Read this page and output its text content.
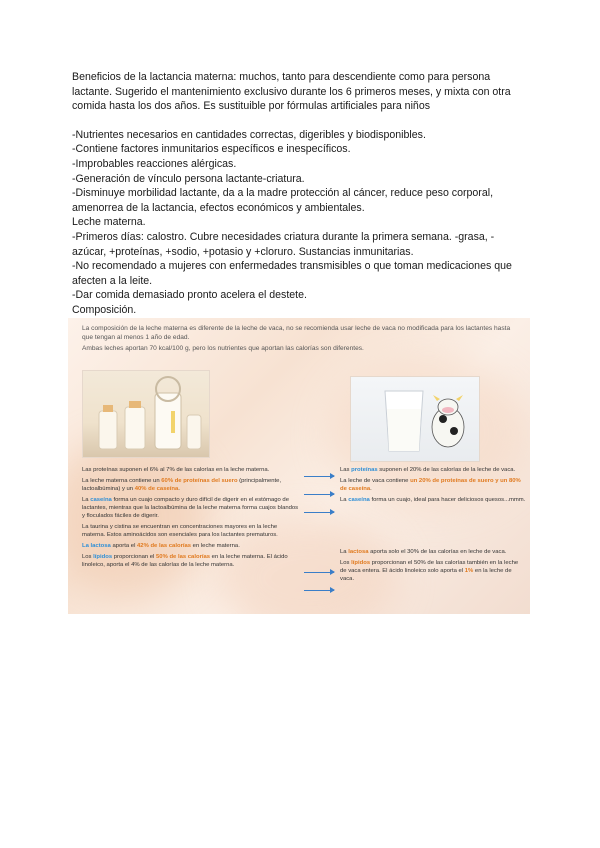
Beneficios de la lactancia materna: muchos, tanto para descendiente como para persona lactante. Sugerido el mantenimiento exclusivo durante los 6 primeros meses, y mixta con otra comida hasta los dos años. Es sustituible por fórmulas artificiales para niños

-Nutrientes necesarios en cantidades correctas, digeribles y biodisponibles.

-Contiene factores inmunitarios específicos e inespecíficos.

-Improbables reacciones alérgicas.

-Generación de vínculo persona lactante-criatura.

-Disminuye morbilidad lactante, da a la madre protección al cáncer, reduce peso corporal, amenorrea de la lactancia, efectos económicos y ambientales.

Leche materna.

-Primeros días: calostro. Cubre necesidades criatura durante la primera semana. -grasa, -azúcar, +proteínas, +sodio, +potasio y +cloruro. Sustancias inmunitarias.

-No recomendado a mujeres con enfermedades transmisibles o que toman medicaciones que afecten a la leite.

-Dar comida demasiado pronto acelera el destete.

Composición.

La composición de la leche materna es diferente de la leche de vaca, no se recomienda usar leche de vaca no modificada para los lactantes hasta que tengan al menos 1 año de edad.

Ambas leches aportan 70 kcal/100 g, pero los nutrientes que aportan las calorías son diferentes.

Las proteínas suponen el 6% al 7% de las calorías en la leche materna.

La leche materna contiene un 60% de proteínas del suero (principalmente, lactoalbúmina) y un 40% de caseína.

La caseína forma un cuajo compacto y duro difícil de digerir en el estómago de lactantes, mientras que la lactoalbúmina de la leche materna forma cuajos blandos y floculados fáciles de digerir.

La taurina y cistina se encuentran en concentraciones mayores en la leche materna. Estos aminoácidos son esenciales para los lactantes prematuros.

La lactosa aporta el 42% de las calorías en leche materna.

Los lípidos proporcionan el 50% de las calorías en la leche materna. El ácido linoleico, aporta el 4% de las calorías de la leche materna.

Las proteínas suponen el 20% de las calorías de la leche de vaca.

La leche de vaca contiene un 20% de proteínas de suero y un 80% de caseína.

La caseína forma un cuajo, ideal para hacer deliciosos quesos...mmm.

La lactosa aporta solo el 30% de las calorías en leche de vaca.

Los lípidos proporcionan el 50% de las calorías también en la leche de vaca entera. El ácido linoleico solo aporta el 1% en la leche de vaca.
